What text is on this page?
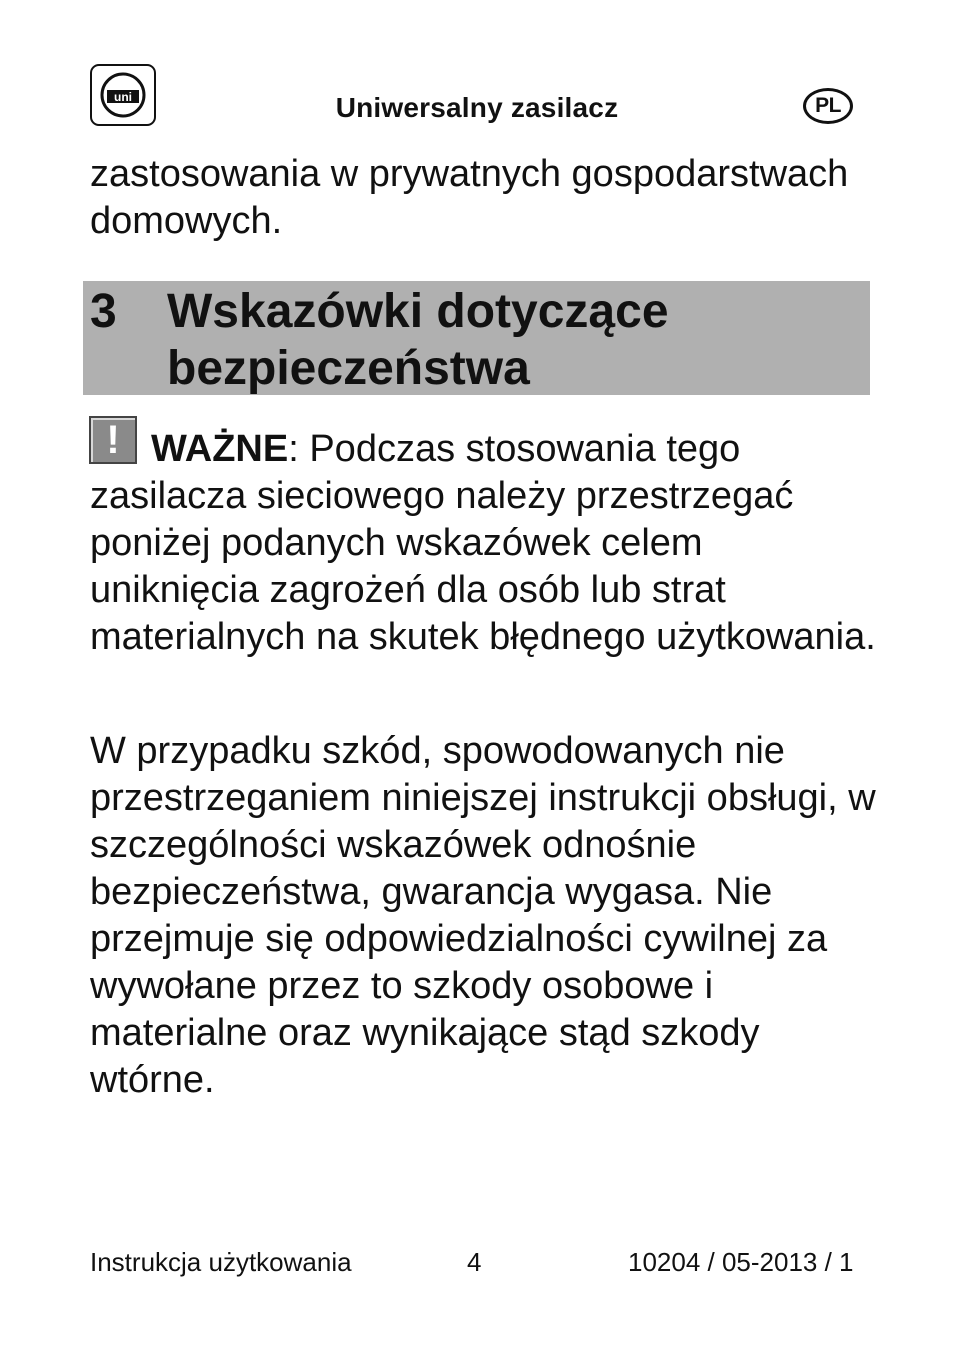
uni	Uniwersalny zasilacz	PL
zastosowania w prywatnych gospodarstwach domowych.
3 Wskazówki dotyczące bezpieczeństwa
! WAŻNE: Podczas stosowania tego zasilacza sieciowego należy przestrzegać poniżej podanych wskazówek celem uniknięcia zagrożeń dla osób lub strat materialnych na skutek błędnego użytkowania.
W przypadku szkód, spowodowanych nie przestrzeganiem niniejszej instrukcji obsługi, w szczególności wskazówek odnośnie bezpieczeństwa, gwarancja wygasa. Nie przejmuje się odpowiedzialności cywilnej za wywołane przez to szkody osobowe i materialne oraz wynikające stąd szkody wtórne.
Instrukcja użytkowania	4	10204 / 05-2013 / 1
